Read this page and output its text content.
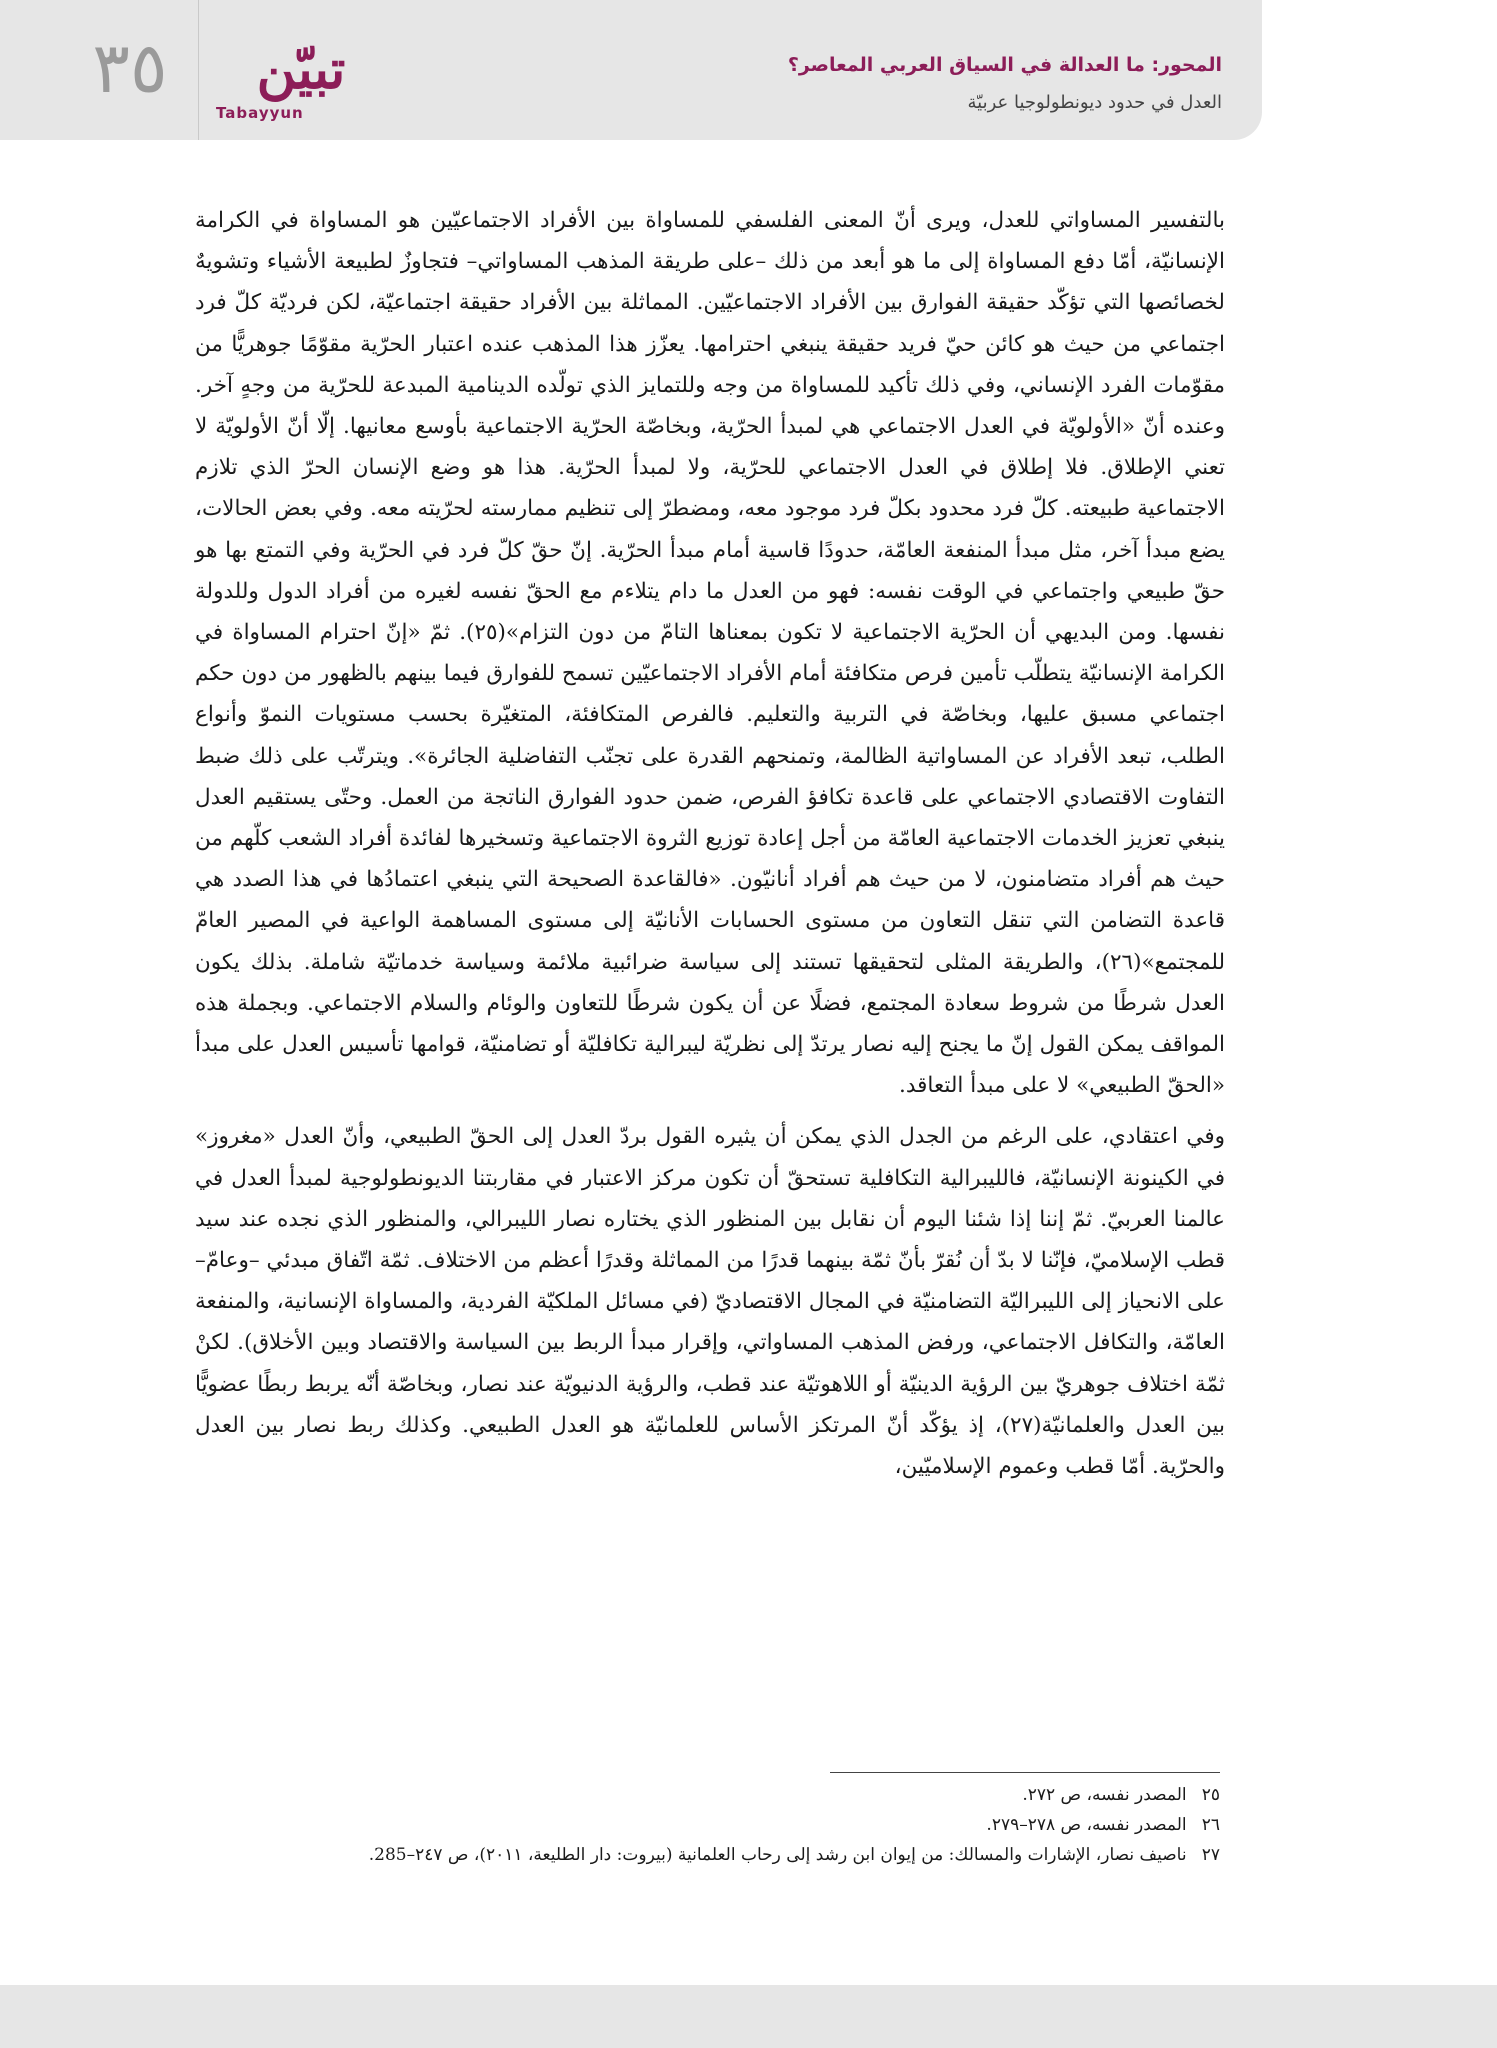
٣٥	تبيّن
Tabayyun
المحور: ما العدالة في السياق العربي المعاصر؟
العدل في حدود ديونطولوجيا عربيّة

بالتفسير المساواتي للعدل، ويرى أنّ المعنى الفلسفي للمساواة بين الأفراد الاجتماعيّين هو المساواة في الكرامة الإنسانيّة، أمّا دفع المساواة إلى ما هو أبعد من ذلك –على طريقة المذهب المساواتي– فتجاوزٌ لطبيعة الأشياء وتشويهٌ لخصائصها التي تؤكّد حقيقة الفوارق بين الأفراد الاجتماعيّين. المماثلة بين الأفراد حقيقة اجتماعيّة، لكن فرديّة كلّ فرد اجتماعي من حيث هو كائن حيّ فريد حقيقة ينبغي احترامها. يعزّز هذا المذهب عنده اعتبار الحرّية مقوّمًا جوهريًّا من مقوّمات الفرد الإنساني، وفي ذلك تأكيد للمساواة من وجه وللتمايز الذي تولّده الدينامية المبدعة للحرّية من وجهٍ آخر. وعنده أنّ «الأولويّة في العدل الاجتماعي هي لمبدأ الحرّية، وبخاصّة الحرّية الاجتماعية بأوسع معانيها. إلّا أنّ الأولويّة لا تعني الإطلاق. فلا إطلاق في العدل الاجتماعي للحرّية، ولا لمبدأ الحرّية. هذا هو وضع الإنسان الحرّ الذي تلازم الاجتماعية طبيعته. كلّ فرد محدود بكلّ فرد موجود معه، ومضطرّ إلى تنظيم ممارسته لحرّيته معه. وفي بعض الحالات، يضع مبدأ آخر، مثل مبدأ المنفعة العامّة، حدودًا قاسية أمام مبدأ الحرّية. إنّ حقّ كلّ فرد في الحرّية وفي التمتع بها هو حقّ طبيعي واجتماعي في الوقت نفسه: فهو من العدل ما دام يتلاءم مع الحقّ نفسه لغيره من أفراد الدول وللدولة نفسها. ومن البديهي أن الحرّية الاجتماعية لا تكون بمعناها التامّ من دون التزام»(٢٥). ثمّ «إنّ احترام المساواة في الكرامة الإنسانيّة يتطلّب تأمين فرص متكافئة أمام الأفراد الاجتماعيّين تسمح للفوارق فيما بينهم بالظهور من دون حكم اجتماعي مسبق عليها، وبخاصّة في التربية والتعليم. فالفرص المتكافئة، المتغيّرة بحسب مستويات النموّ وأنواع الطلب، تبعد الأفراد عن المساواتية الظالمة، وتمنحهم القدرة على تجنّب التفاضلية الجائرة». ويترتّب على ذلك ضبط التفاوت الاقتصادي الاجتماعي على قاعدة تكافؤ الفرص، ضمن حدود الفوارق الناتجة من العمل. وحتّى يستقيم العدل ينبغي تعزيز الخدمات الاجتماعية العامّة من أجل إعادة توزيع الثروة الاجتماعية وتسخيرها لفائدة أفراد الشعب كلّهم من حيث هم أفراد متضامنون، لا من حيث هم أفراد أنانيّون. «فالقاعدة الصحيحة التي ينبغي اعتمادُها في هذا الصدد هي قاعدة التضامن التي تنقل التعاون من مستوى الحسابات الأنانيّة إلى مستوى المساهمة الواعية في المصير العامّ للمجتمع»(٢٦)، والطريقة المثلى لتحقيقها تستند إلى سياسة ضرائبية ملائمة وسياسة خدماتيّة شاملة. بذلك يكون العدل شرطًا من شروط سعادة المجتمع، فضلًا عن أن يكون شرطًا للتعاون والوئام والسلام الاجتماعي. وبجملة هذه المواقف يمكن القول إنّ ما يجنح إليه نصار يرتدّ إلى نظريّة ليبرالية تكافليّة أو تضامنيّة، قوامها تأسيس العدل على مبدأ «الحقّ الطبيعي» لا على مبدأ التعاقد.

وفي اعتقادي، على الرغم من الجدل الذي يمكن أن يثيره القول بردّ العدل إلى الحقّ الطبيعي، وأنّ العدل «مغروز» في الكينونة الإنسانيّة، فالليبرالية التكافلية تستحقّ أن تكون مركز الاعتبار في مقاربتنا الديونطولوجية لمبدأ العدل في عالمنا العربيّ. ثمّ إننا إذا شئنا اليوم أن نقابل بين المنظور الذي يختاره نصار الليبرالي، والمنظور الذي نجده عند سيد قطب الإسلاميّ، فإنّنا لا بدّ أن نُقرّ بأنّ ثمّة بينهما قدرًا من المماثلة وقدرًا أعظم من الاختلاف. ثمّة اتّفاق مبدئي –وعامّ– على الانحياز إلى الليبراليّة التضامنيّة في المجال الاقتصاديّ (في مسائل الملكيّة الفردية، والمساواة الإنسانية، والمنفعة العامّة، والتكافل الاجتماعي، ورفض المذهب المساواتي، وإقرار مبدأ الربط بين السياسة والاقتصاد وبين الأخلاق). لكنْ ثمّة اختلاف جوهريّ بين الرؤية الدينيّة أو اللاهوتيّة عند قطب، والرؤية الدنيويّة عند نصار، وبخاصّة أنّه يربط ربطًا عضويًّا بين العدل والعلمانيّة(٢٧)، إذ يؤكّد أنّ المرتكز الأساس للعلمانيّة هو العدل الطبيعي. وكذلك ربط نصار بين العدل والحرّية. أمّا قطب وعموم الإسلاميّين،

٢٥ المصدر نفسه، ص ٢٧٢.

٢٦ المصدر نفسه، ص ٢٧٨–٢٧٩.

٢٧ ناصيف نصار، الإشارات والمسالك: من إيوان ابن رشد إلى رحاب العلمانية (بيروت: دار الطليعة، ٢٠١١)، ص ٢٤٧–285.
